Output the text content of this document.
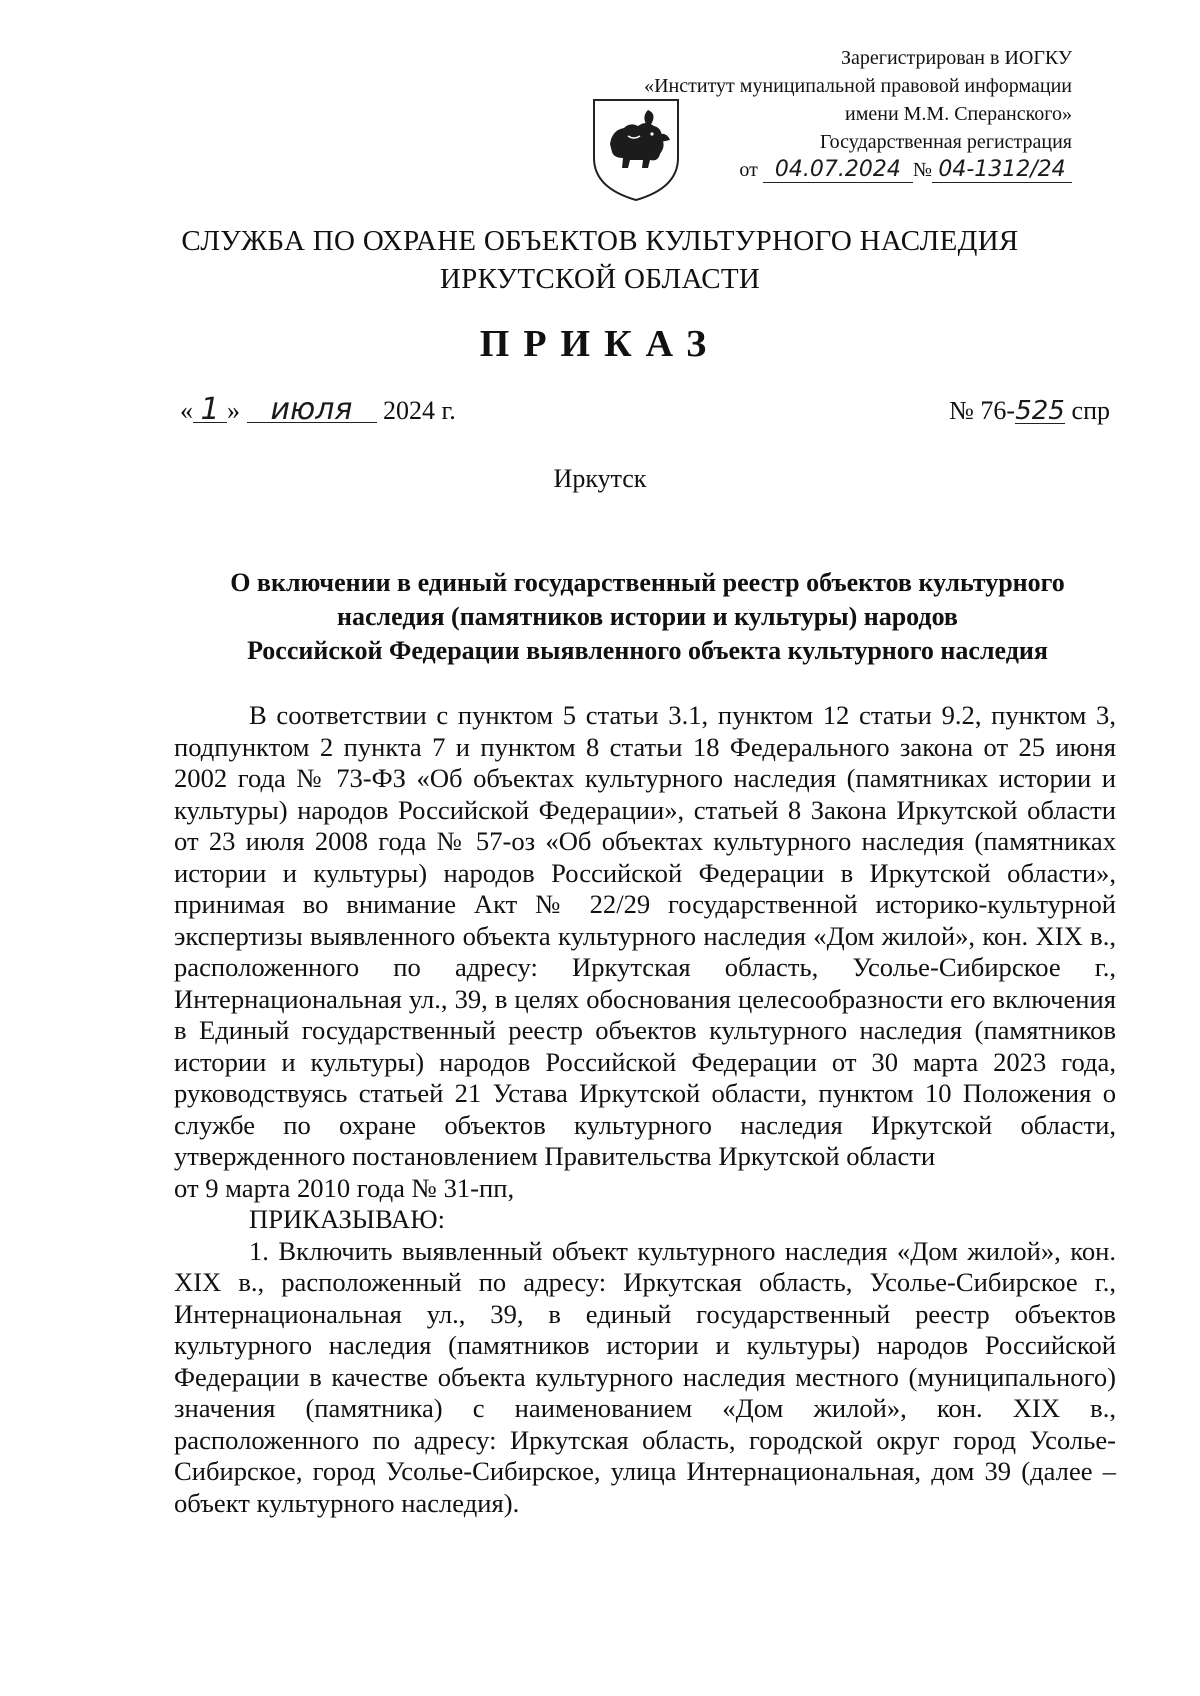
Зарегистрирован в ИОГКУ
«Институт муниципальной правовой информации
имени М.М. Сперанского»
Государственная регистрация
от 04.07.2024 № 04-1312/24
СЛУЖБА ПО ОХРАНЕ ОБЪЕКТОВ КУЛЬТУРНОГО НАСЛЕДИЯ
ИРКУТСКОЙ ОБЛАСТИ
ПРИКАЗ
« 1 » июля 2024 г.	№ 76-525 спр
Иркутск
О включении в единый государственный реестр объектов культурного
наследия (памятников истории и культуры) народов
Российской Федерации выявленного объекта культурного наследия

В соответствии с пунктом 5 статьи 3.1, пунктом 12 статьи 9.2, пунктом 3, подпунктом 2 пункта 7 и пунктом 8 статьи 18 Федерального закона от 25 июня 2002 года № 73-ФЗ «Об объектах культурного наследия (памятниках истории и культуры) народов Российской Федерации», статьей 8 Закона Иркутской области от 23 июля 2008 года № 57-оз «Об объектах культурного наследия (памятниках истории и культуры) народов Российской Федерации в Иркутской области», принимая во внимание Акт № 22/29 государственной историко-культурной экспертизы выявленного объекта культурного наследия «Дом жилой», кон. XIX в., расположенного по адресу: Иркутская область, Усолье-Сибирское г., Интернациональная ул., 39, в целях обоснования целесообразности его включения в Единый государственный реестр объектов культурного наследия (памятников истории и культуры) народов Российской Федерации от 30 марта 2023 года, руководствуясь статьей 21 Устава Иркутской области, пунктом 10 Положения о службе по охране объектов культурного наследия Иркутской области, утвержденного постановлением Правительства Иркутской области

от 9 марта 2010 года № 31-пп,

ПРИКАЗЫВАЮ:

1. Включить выявленный объект культурного наследия «Дом жилой», кон. XIX в., расположенный по адресу: Иркутская область, Усолье-Сибирское г., Интернациональная ул., 39, в единый государственный реестр объектов культурного наследия (памятников истории и культуры) народов Российской Федерации в качестве объекта культурного наследия местного (муниципального) значения (памятника) с наименованием «Дом жилой», кон. XIX в., расположенного по адресу: Иркутская область, городской округ город Усолье-Сибирское, город Усолье-Сибирское, улица Интернациональная, дом 39 (далее – объект культурного наследия).
